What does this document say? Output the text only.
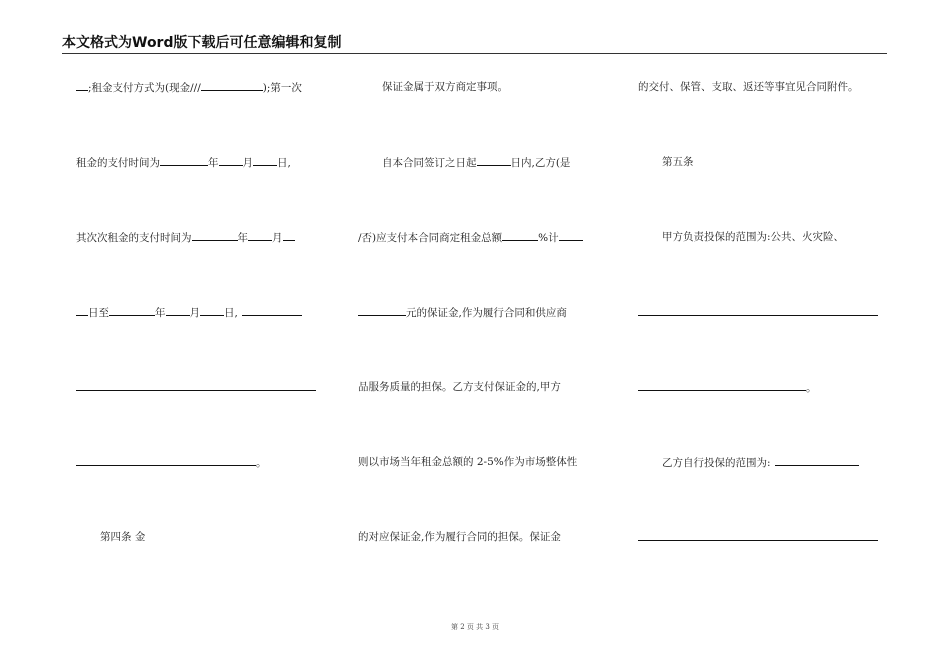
本文格式为Word版下载后可任意编辑和复制
;租金支付方式为(现金///	);第一次
租金的支付时间为	年 月 日,
其次次租金的支付时间为	年 月
日至	年 月 日,
。
第四条 金
保证金属于双方商定事项。
自本合同签订之日起	日内,乙方(是
/否)应支付本合同商定租金总额	%计
元的保证金,作为履行合同和供应商
品服务质量的担保。乙方支付保证金的,甲方
则以市场当年租金总额的 2-5%作为市场整体性
的对应保证金,作为履行合同的担保。保证金
的交付、保管、支取、返还等事宜见合同附件。
第五条
甲方负责投保的范围为:公共、火灾险、
。
乙方自行投保的范围为:
第 2 页 共 3 页
